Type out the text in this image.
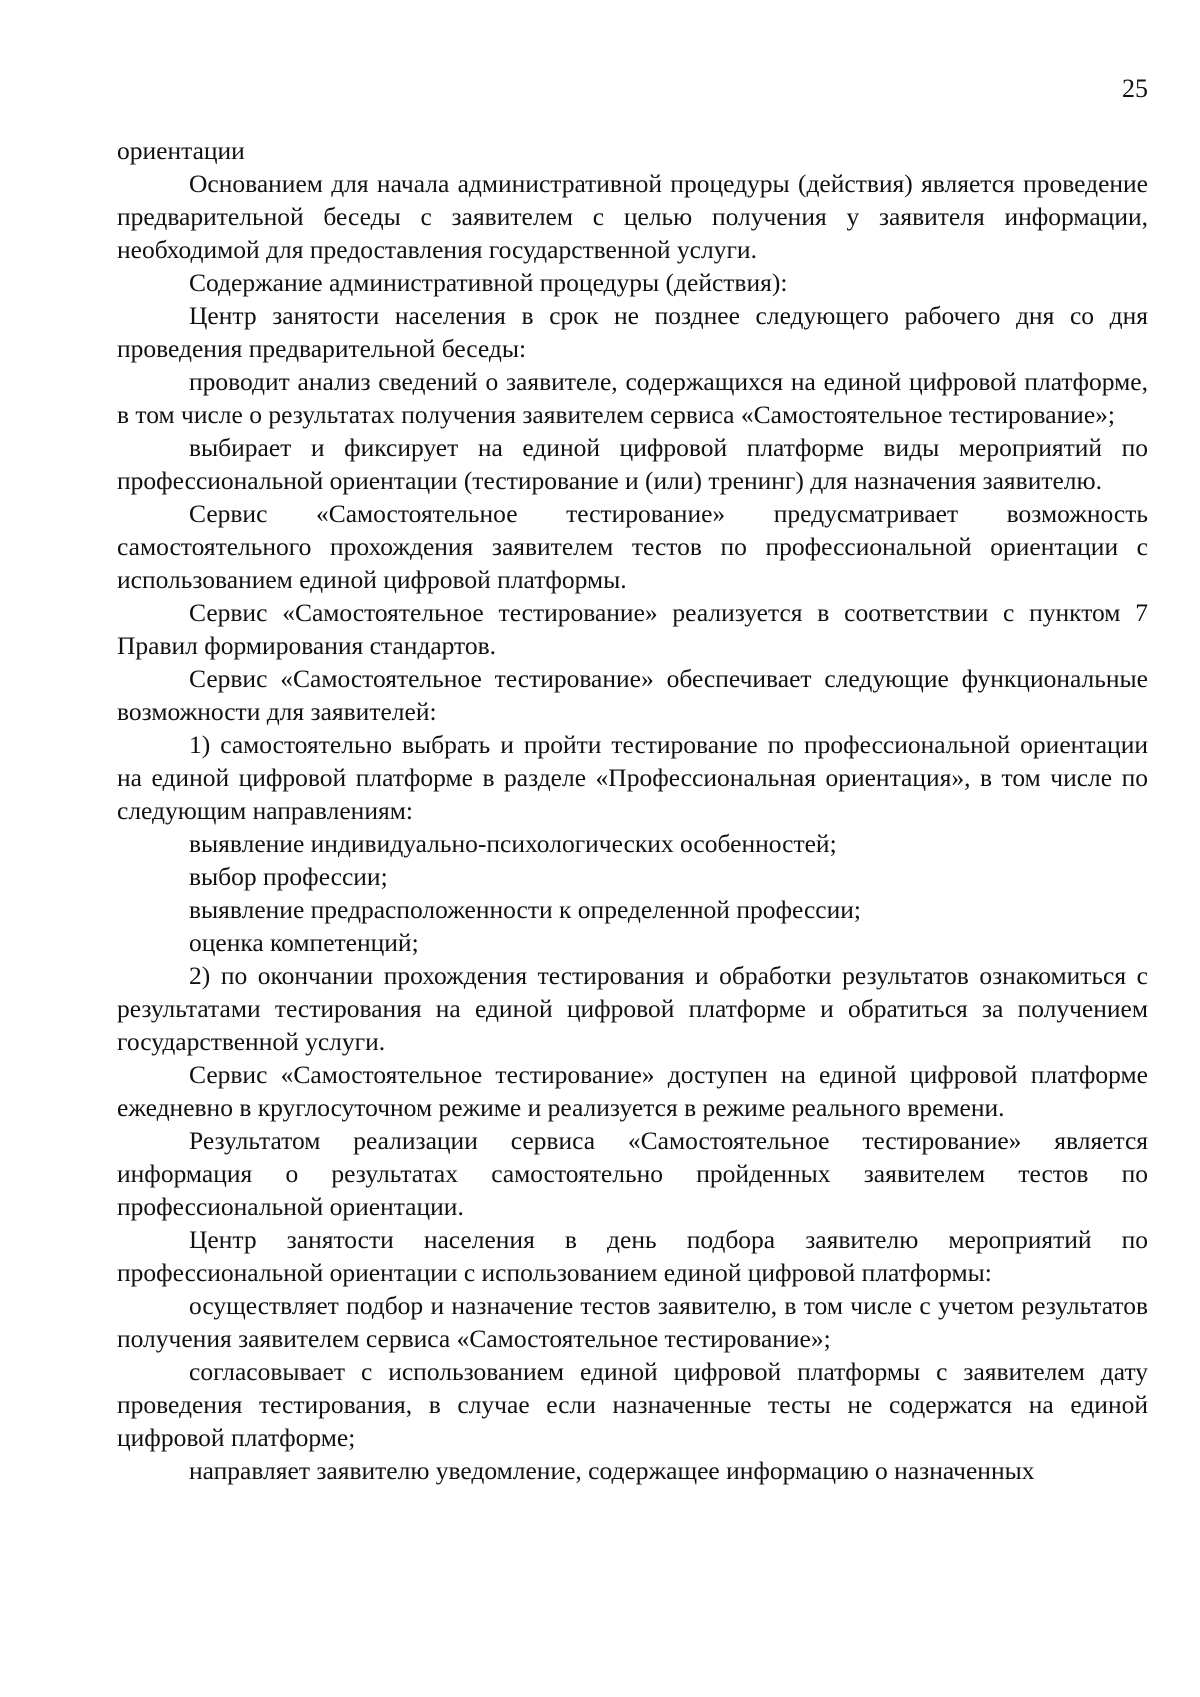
25

ориентации

Основанием для начала административной процедуры (действия) является проведение предварительной беседы с заявителем с целью получения у заявителя информации, необходимой для предоставления государственной услуги.

Содержание административной процедуры (действия):

Центр занятости населения в срок не позднее следующего рабочего дня со дня проведения предварительной беседы:

проводит анализ сведений о заявителе, содержащихся на единой цифровой платформе, в том числе о результатах получения заявителем сервиса «Самостоятельное тестирование»;

выбирает и фиксирует на единой цифровой платформе виды мероприятий по профессиональной ориентации (тестирование и (или) тренинг) для назначения заявителю.

Сервис «Самостоятельное тестирование» предусматривает возможность самостоятельного прохождения заявителем тестов по профессиональной ориентации с использованием единой цифровой платформы.

Сервис «Самостоятельное тестирование» реализуется в соответствии с пунктом 7 Правил формирования стандартов.

Сервис «Самостоятельное тестирование» обеспечивает следующие функциональные возможности для заявителей:

1) самостоятельно выбрать и пройти тестирование по профессиональной ориентации на единой цифровой платформе в разделе «Профессиональная ориентация», в том числе по следующим направлениям:

выявление индивидуально-психологических особенностей;

выбор профессии;

выявление предрасположенности к определенной профессии;

оценка компетенций;

2) по окончании прохождения тестирования и обработки результатов ознакомиться с результатами тестирования на единой цифровой платформе и обратиться за получением государственной услуги.

Сервис «Самостоятельное тестирование» доступен на единой цифровой платформе ежедневно в круглосуточном режиме и реализуется в режиме реального времени.

Результатом реализации сервиса «Самостоятельное тестирование» является информация о результатах самостоятельно пройденных заявителем тестов по профессиональной ориентации.

Центр занятости населения в день подбора заявителю мероприятий по профессиональной ориентации с использованием единой цифровой платформы:

осуществляет подбор и назначение тестов заявителю, в том числе с учетом результатов получения заявителем сервиса «Самостоятельное тестирование»;

согласовывает с использованием единой цифровой платформы с заявителем дату проведения тестирования, в случае если назначенные тесты не содержатся на единой цифровой платформе;

направляет заявителю уведомление, содержащее информацию о назначенных
